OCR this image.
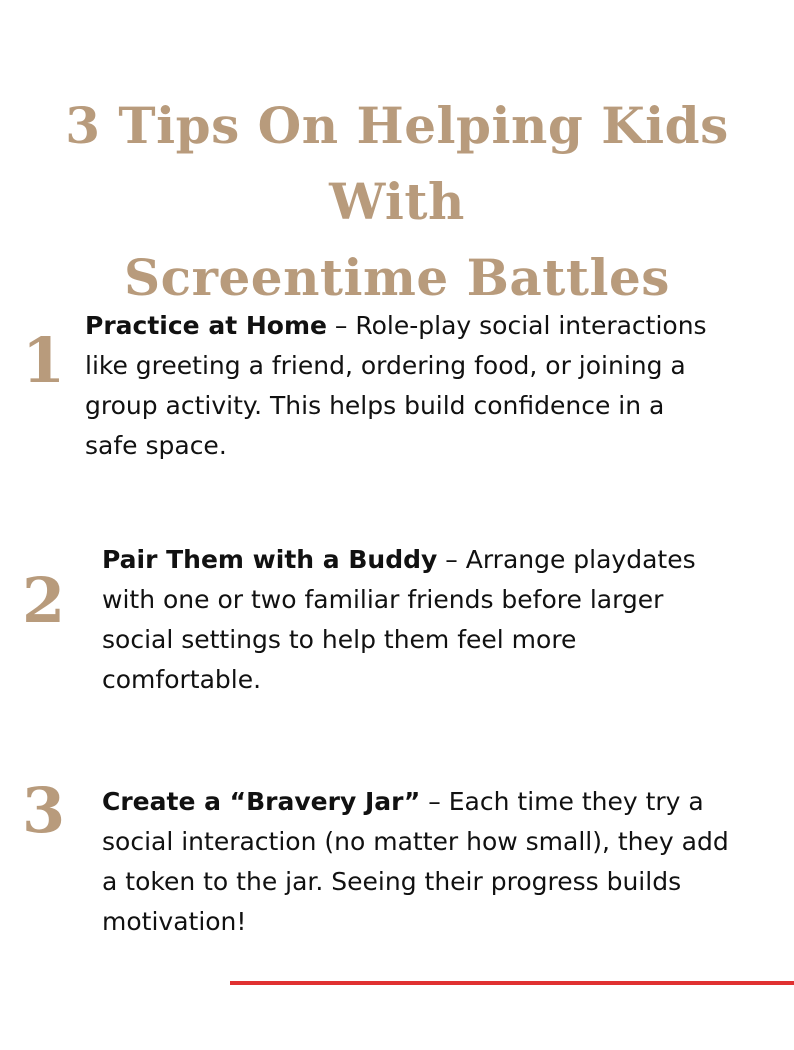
3 Tips On Helping Kids With
Screentime Battles
1 Practice at Home – Role-play social interactions like greeting a friend, ordering food, or joining a group activity. This helps build confidence in a safe space.

2

Pair Them with a Buddy – Arrange playdates with one or two familiar friends before larger social settings to help them feel more comfortable.

3 Create a “Bravery Jar” – Each time they try a social interaction (no matter how small), they add a token to the jar. Seeing their progress builds motivation!
